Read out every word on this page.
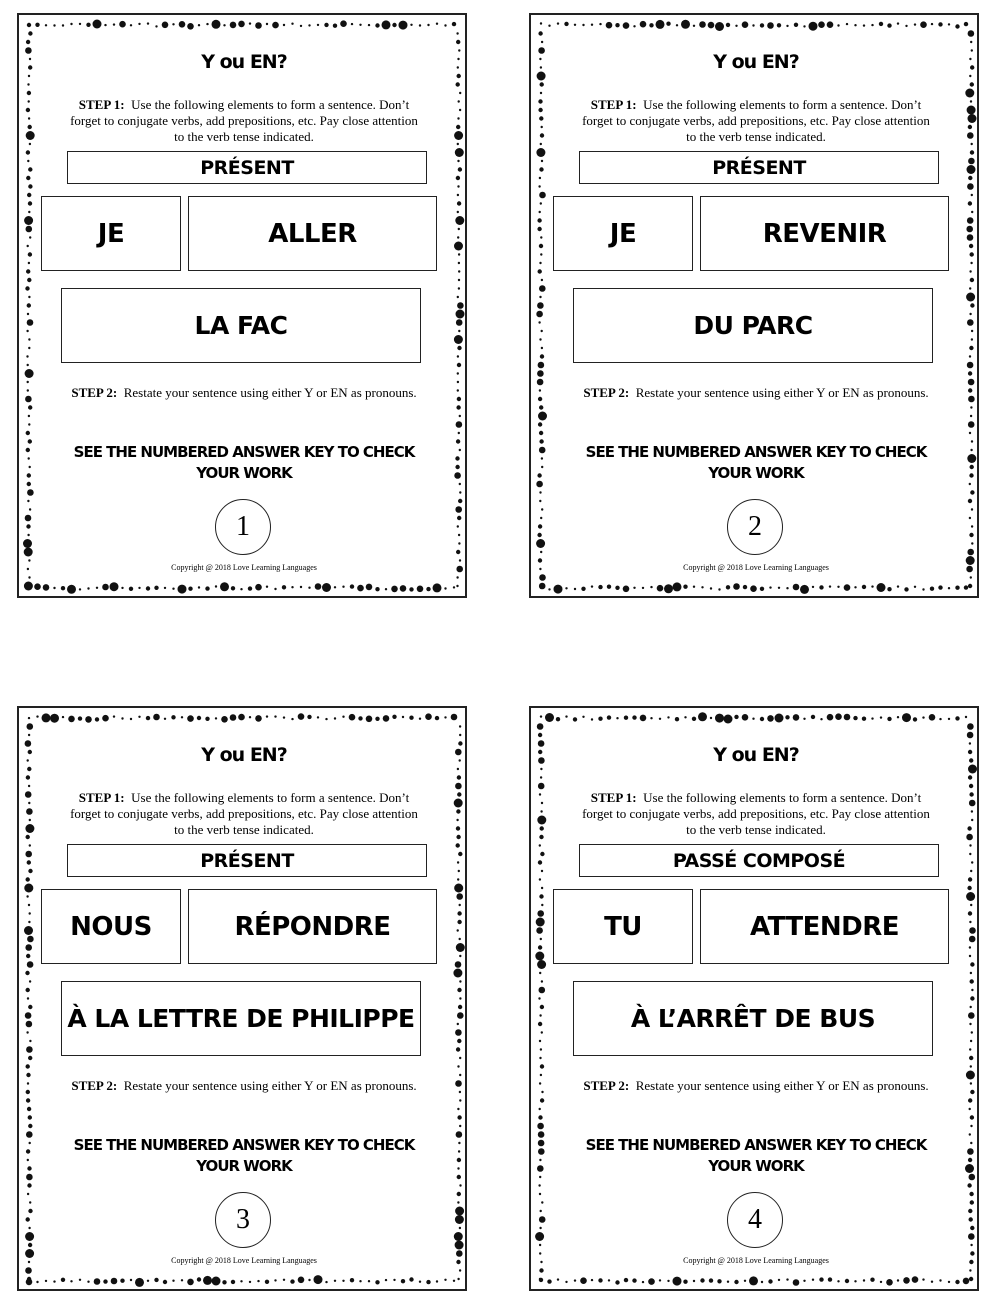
Y ou EN?
STEP 1: Use the following elements to form a sentence. Don’t forget to conjugate verbs, add prepositions, etc. Pay close attention to the verb tense indicated.
PRÉSENT
JE	ALLER
LA FAC
STEP 2: Restate your sentence using either Y or EN as pronouns.
SEE THE NUMBERED ANSWER KEY TO CHECK YOUR WORK
1
Copyright @ 2018 Love Learning Languages
Y ou EN?
STEP 1: Use the following elements to form a sentence. Don’t forget to conjugate verbs, add prepositions, etc. Pay close attention to the verb tense indicated.
PRÉSENT
JE	REVENIR
DU PARC
STEP 2: Restate your sentence using either Y or EN as pronouns.
SEE THE NUMBERED ANSWER KEY TO CHECK YOUR WORK
2
Copyright @ 2018 Love Learning Languages
Y ou EN?
STEP 1: Use the following elements to form a sentence. Don’t forget to conjugate verbs, add prepositions, etc. Pay close attention to the verb tense indicated.
PRÉSENT
NOUS	RÉPONDRE
À LA LETTRE DE PHILIPPE
STEP 2: Restate your sentence using either Y or EN as pronouns.
SEE THE NUMBERED ANSWER KEY TO CHECK YOUR WORK
3
Copyright @ 2018 Love Learning Languages
Y ou EN?
STEP 1: Use the following elements to form a sentence. Don’t forget to conjugate verbs, add prepositions, etc. Pay close attention to the verb tense indicated.
PASSÉ COMPOSÉ
TU	ATTENDRE
À L’ARRÊT DE BUS
STEP 2: Restate your sentence using either Y or EN as pronouns.
SEE THE NUMBERED ANSWER KEY TO CHECK YOUR WORK
4
Copyright @ 2018 Love Learning Languages
